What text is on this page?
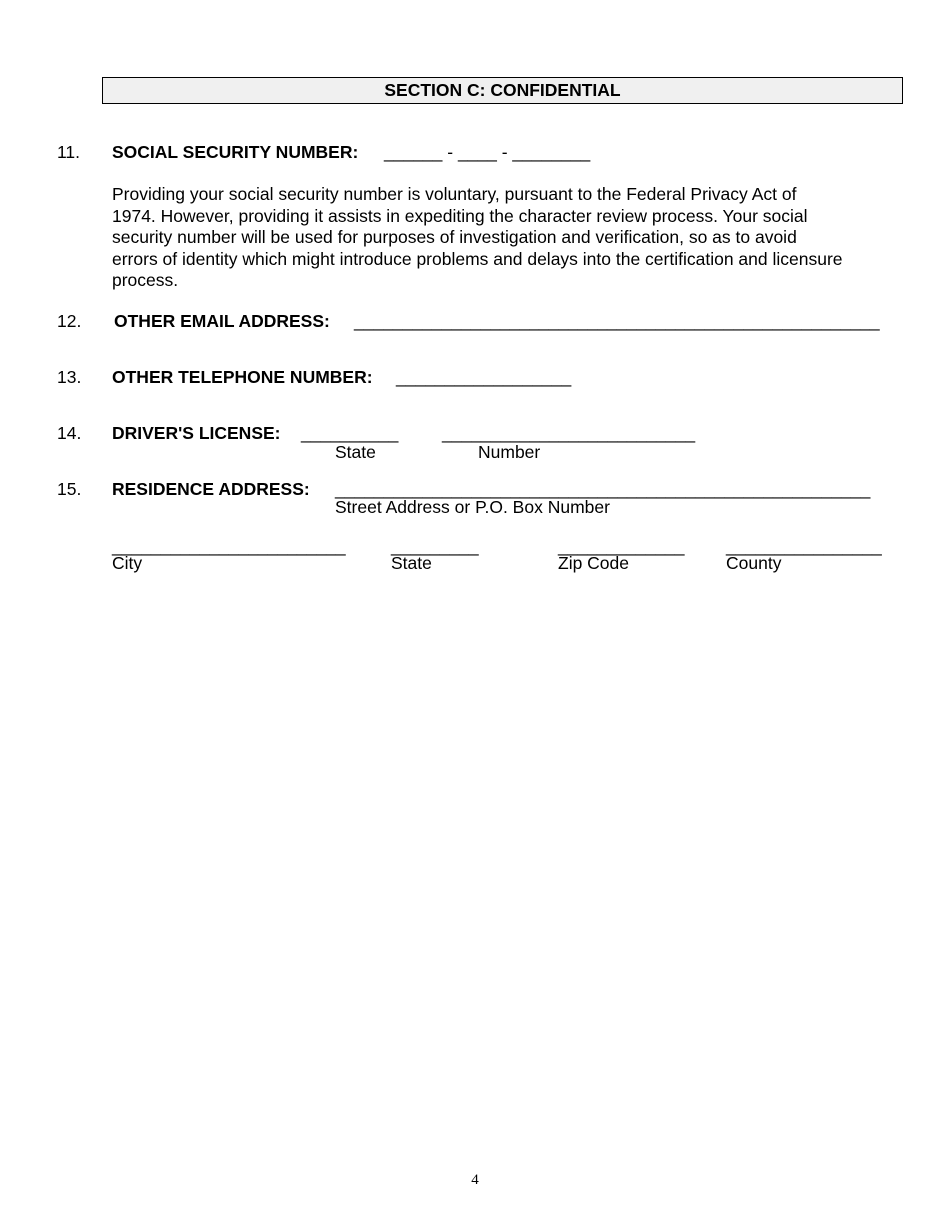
SECTION C: CONFIDENTIAL
11. SOCIAL SECURITY NUMBER: ______ - ____ - ________

Providing your social security number is voluntary, pursuant to the Federal Privacy Act of

1974. However, providing it assists in expediting the character review process. Your social

security number will be used for purposes of investigation and verification, so as to avoid

errors of identity which might introduce problems and delays into the certification and licensure

process.

12. OTHER EMAIL ADDRESS: ______________________________________________________
13. OTHER TELEPHONE NUMBER: __________________
14. DRIVER'S LICENSE: __________ __________________________
State	Number
15. RESIDENCE ADDRESS: _______________________________________________________
Street Address or P.O. Box Number
________________________	_________	_____________ ________________
City	State	Zip Code	County
4
